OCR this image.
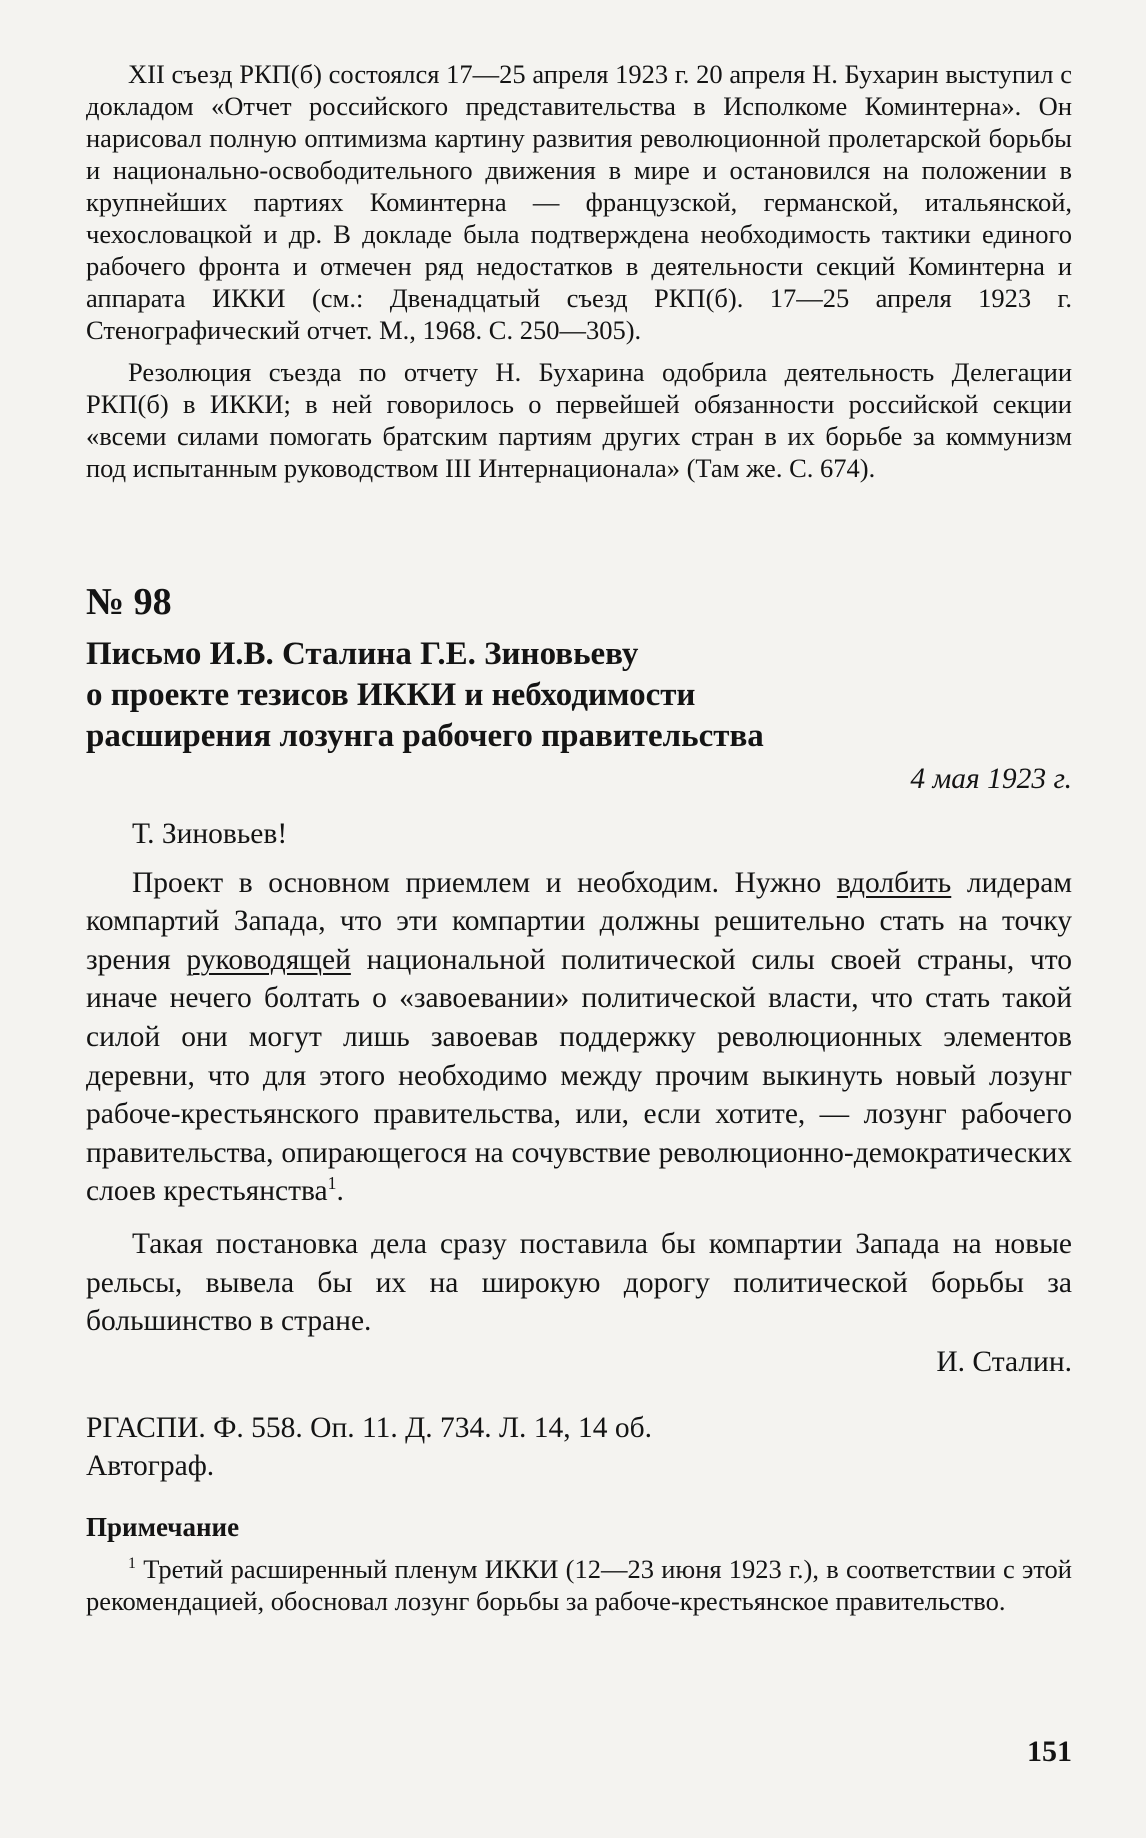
XII съезд РКП(б) состоялся 17—25 апреля 1923 г. 20 апреля Н. Бухарин выступил с докладом «Отчет российского представительства в Исполкоме Коминтерна». Он нарисовал полную оптимизма картину развития революционной пролетарской борьбы и национально-освободительного движения в мире и остановился на положении в крупнейших партиях Коминтерна — французской, германской, итальянской, чехословацкой и др. В докладе была подтверждена необходимость тактики единого рабочего фронта и отмечен ряд недостатков в деятельности секций Коминтерна и аппарата ИККИ (см.: Двенадцатый съезд РКП(б). 17—25 апреля 1923 г. Стенографический отчет. М., 1968. С. 250—305).

Резолюция съезда по отчету Н. Бухарина одобрила деятельность Делегации РКП(б) в ИККИ; в ней говорилось о первейшей обязанности российской секции «всеми силами помогать братским партиям других стран в их борьбе за коммунизм под испытанным руководством III Интернационала» (Там же. С. 674).

№ 98
Письмо И.В. Сталина Г.Е. Зиновьеву
о проекте тезисов ИККИ и небходимости
расширения лозунга рабочего правительства
4 мая 1923 г.

Т. Зиновьев!

Проект в основном приемлем и необходим. Нужно вдолбить лидерам компартий Запада, что эти компартии должны решительно стать на точку зрения руководящей национальной политической силы своей страны, что иначе нечего болтать о «завоевании» политической власти, что стать такой силой они могут лишь завоевав поддержку революционных элементов деревни, что для этого необходимо между прочим выкинуть новый лозунг рабоче-крестьянского правительства, или, если хотите, — лозунг рабочего правительства, опирающегося на сочувствие революционно-демократических слоев крестьянства$^1$.

Такая постановка дела сразу поставила бы компартии Запада на новые рельсы, вывела бы их на широкую дорогу политической борьбы за большинство в стране.

И. Сталин.
РГАСПИ. Ф. 558. Оп. 11. Д. 734. Л. 14, 14 об.
Автограф.
Примечание

$^1$ Третий расширенный пленум ИККИ (12—23 июня 1923 г.), в соответствии с этой рекомендацией, обосновал лозунг борьбы за рабоче-крестьянское правительство.

151
